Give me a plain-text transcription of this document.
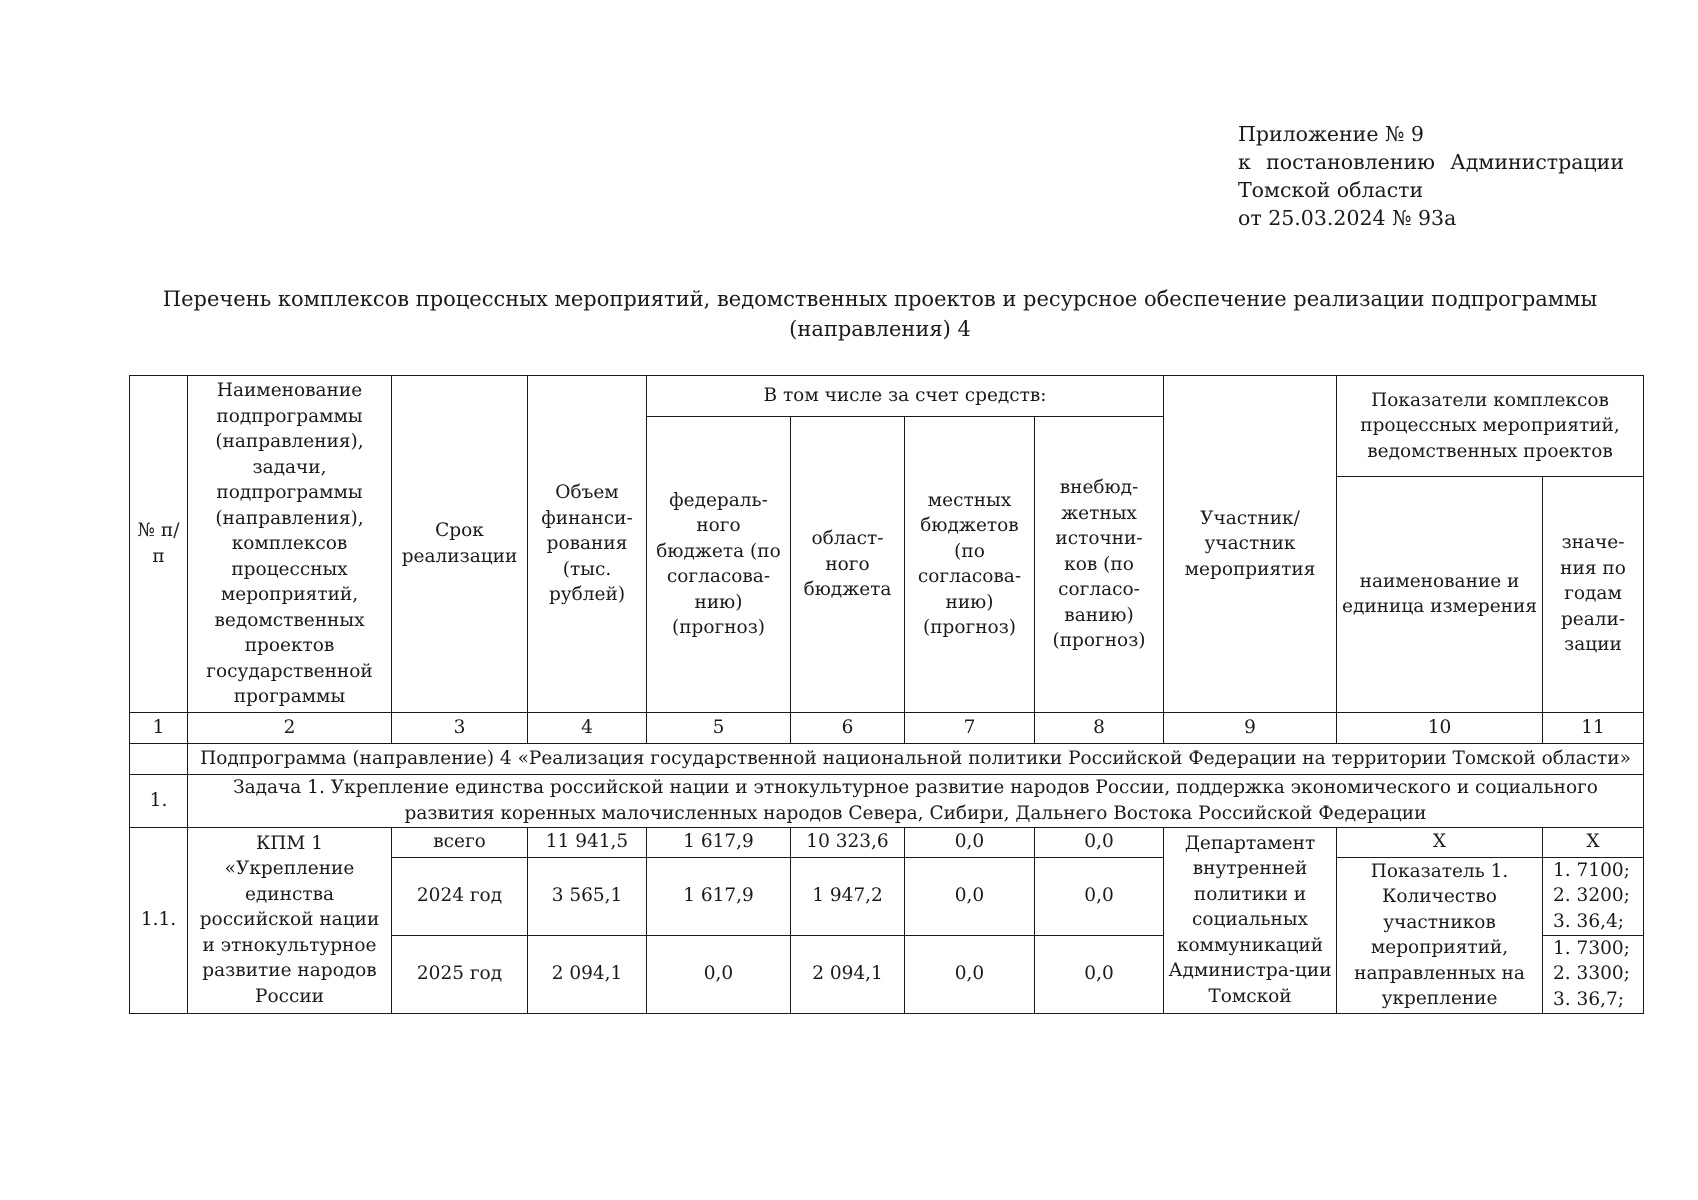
Приложение № 9
к постановлению Администрации
Томской области
от 25.03.2024 № 93а
Перечень комплексов процессных мероприятий, ведомственных проектов и ресурсное обеспечение реализации подпрограммы
(направления) 4
№ п/п	Наименование подпрограммы (направления), задачи, подпрограммы (направления), комплексов процессных мероприятий, ведомственных проектов государственной программы	Срок реализации	Объем финанси-рования (тыс. рублей)	В том числе за счет средств:				Участник/ участник мероприятия	Показатели комплексов процессных мероприятий, ведомственных проектов	
				федераль-ного бюджета (по согласова-нию) (прогноз)	област-ного бюджета	местных бюджетов (по согласова-нию) (прогноз)	внебюд-жетных источни-ков (по согласо-ванию) (прогноз)			
									наименование и единица измерения	значе-ния по годам реали-зации
1	2	3	4	5	6	7	8	9	10	11
	Подпрограмма (направление) 4 «Реализация государственной национальной политики Российской Федерации на территории Томской области»									
1.	Задача 1. Укрепление единства российской нации и этнокультурное развитие народов России, поддержка экономического и социального развития коренных малочисленных народов Севера, Сибири, Дальнего Востока Российской Федерации									
1.1.	КПМ 1 «Укрепление единства российской нации и этнокультурное развитие народов России	всего	11 941,5	1 617,9	10 323,6	0,0	0,0	Департамент внутренней политики и социальных коммуникаций Администра-ции Томской	Х	Х
		2024 год	3 565,1	1 617,9	1 947,2	0,0	0,0		Показатель 1. Количество участников мероприятий, направленных на укрепление	1. 7100;
2. 3200;
3. 36,4;

		2025 год	2 094,1	0,0	2 094,1	0,0	0,0			1. 7300;
2. 3300;
3. 36,7;
